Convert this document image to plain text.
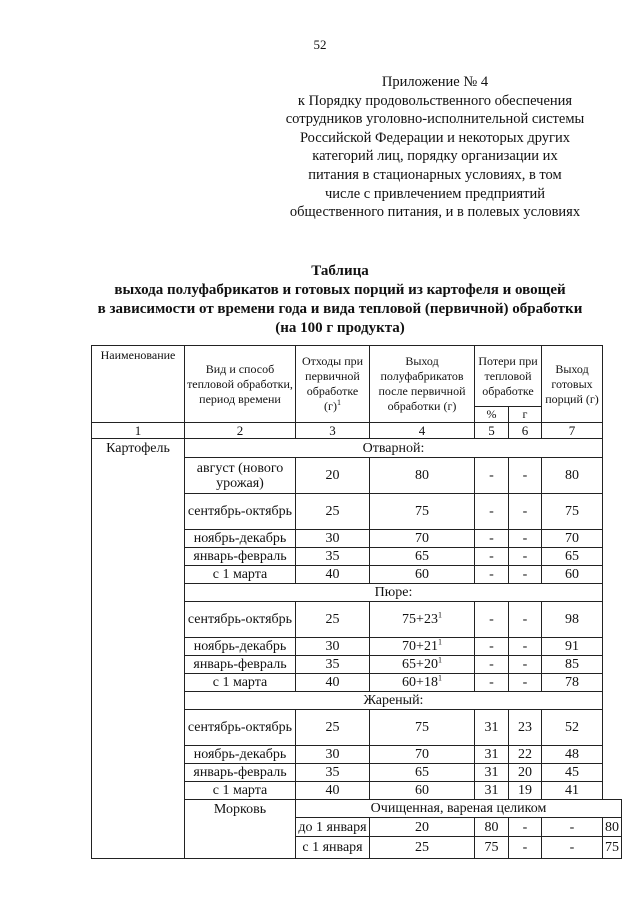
52
Приложение № 4
к Порядку продовольственного обеспечения
сотрудников уголовно-исполнительной системы
Российской Федерации и некоторых других
категорий лиц, порядку организации их
питания в стационарных условиях, в том
числе с привлечением предприятий
общественного питания, и в полевых условиях
Таблица
выхода полуфабрикатов и готовых порций из картофеля и овощей
в зависимости от времени года и вида тепловой (первичной) обработки
(на 100 г продукта)
Наименование	Вид и способ тепловой обработки, период времени	Отходы при первичной обработке $(г)^1$	Выход полуфабрикатов после первичной обработки (г)	Потери при тепловой обработке		Выход готовых порций (г)	
				%	г		
1	2	3	4	5	6	7	
Картофель	Отварной:						
	август (нового урожая)	20	80	-	-	80	
	сентябрь-октябрь	25	75	-	-	75	
	ноябрь-декабрь	30	70	-	-	70	
	январь-февраль	35	65	-	-	65	
	с 1 марта	40	60	-	-	60	
	Пюре:						
	сентябрь-октябрь	25	$75+23^1$	-	-	98	
	ноябрь-декабрь	30	$70+21^1$	-	-	91	
	январь-февраль	35	$65+20^1$	-	-	85	
	с 1 марта	40	$60+18^1$	-	-	78	
	Жареный:						
	сентябрь-октябрь	25	75	31	23	52	
	ноябрь-декабрь	30	70	31	22	48	
	январь-февраль	35	65	31	20	45	
	с 1 марта	40	60	31	19	41	
	Морковь	Очищенная, вареная целиком					
		до 1 января	20	80	-	-	80
		с 1 января	25	75	-	-	75
